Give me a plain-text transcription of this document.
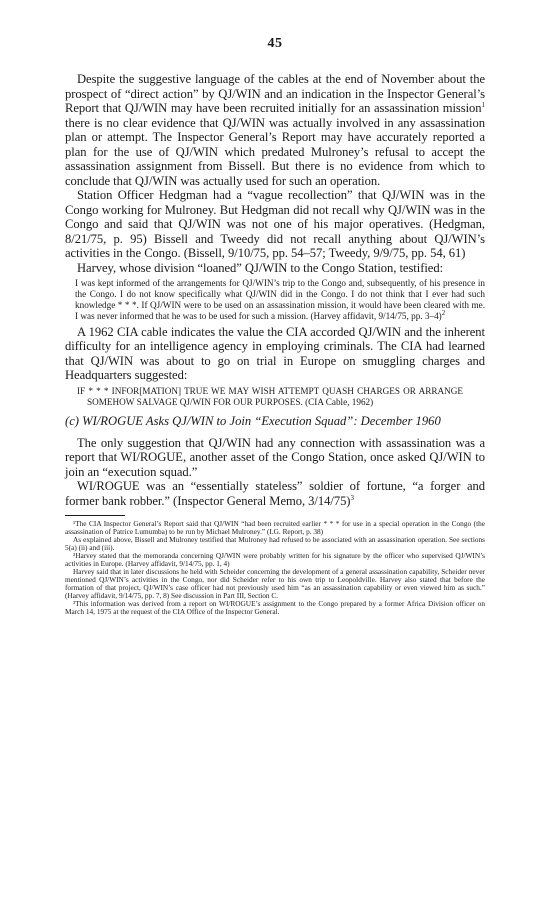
45

Despite the suggestive language of the cables at the end of November about the prospect of “direct action” by QJ/WIN and an indication in the Inspector General’s Report that QJ/WIN may have been recruited initially for an assassination mission$^1$ there is no clear evidence that QJ/WIN was actually involved in any assassination plan or attempt. The Inspector General’s Report may have accurately reported a plan for the use of QJ/WIN which predated Mulroney’s refusal to accept the assassination assignment from Bissell. But there is no evidence from which to conclude that QJ/WIN was actually used for such an operation.

Station Officer Hedgman had a “vague recollection” that QJ/WIN was in the Congo working for Mulroney. But Hedgman did not recall why QJ/WIN was in the Congo and said that QJ/WIN was not one of his major operatives. (Hedgman, 8/21/75, p. 95) Bissell and Tweedy did not recall anything about QJ/WIN’s activities in the Congo. (Bissell, 9/10/75, pp. 54–57; Tweedy, 9/9/75, pp. 54, 61)

Harvey, whose division “loaned” QJ/WIN to the Congo Station, testified:

I was kept informed of the arrangements for QJ/WIN’s trip to the Congo and, subsequently, of his presence in the Congo. I do not know specifically what QJ/WIN did in the Congo. I do not think that I ever had such knowledge * * *. If QJ/WIN were to be used on an assassination mission, it would have been cleared with me. I was never informed that he was to be used for such a mission. (Harvey affidavit, 9/14/75, pp. 3–4)$^2$

A 1962 CIA cable indicates the value the CIA accorded QJ/WIN and the inherent difficulty for an intelligence agency in employing criminals. The CIA had learned that QJ/WIN was about to go on trial in Europe on smuggling charges and Headquarters suggested:

IF * * * INFOR[MATION] TRUE WE MAY WISH ATTEMPT QUASH CHARGES OR ARRANGE SOMEHOW SALVAGE QJ/WIN FOR OUR PURPOSES. (CIA Cable, 1962)

(c) WI/ROGUE Asks QJ/WIN to Join “Execution Squad”: December 1960

The only suggestion that QJ/WIN had any connection with assassination was a report that WI/ROGUE, another asset of the Congo Station, once asked QJ/WIN to join an “execution squad.”

WI/ROGUE was an “essentially stateless” soldier of fortune, “a forger and former bank robber.” (Inspector General Memo, 3/14/75)$^3$

¹The CIA Inspector General’s Report said that QJ/WIN “had been recruited earlier * * * for use in a special operation in the Congo (the assassination of Patrice Lumumba) to be run by Michael Mulroney.” (I.G. Report, p. 38)

As explained above, Bissell and Mulroney testified that Mulroney had refused to be associated with an assassination operation. See sections 5(a) (ii) and (iii).

²Harvey stated that the memoranda concerning QJ/WIN were probably written for his signature by the officer who supervised QJ/WIN’s activities in Europe. (Harvey affidavit, 9/14/75, pp. 1, 4)

Harvey said that in later discussions he held with Scheider concerning the development of a general assassination capability, Scheider never mentioned QJ/WIN’s activities in the Congo, nor did Scheider refer to his own trip to Leopoldville. Harvey also stated that before the formation of that project, QJ/WIN’s case officer had not previously used him “as an assassination capability or even viewed him as such.” (Harvey affidavit, 9/14/75, pp. 7, 8) See discussion in Part III, Section C.

³This information was derived from a report on WI/ROGUE’s assignment to the Congo prepared by a former Africa Division officer on March 14, 1975 at the request of the CIA Office of the Inspector General.
